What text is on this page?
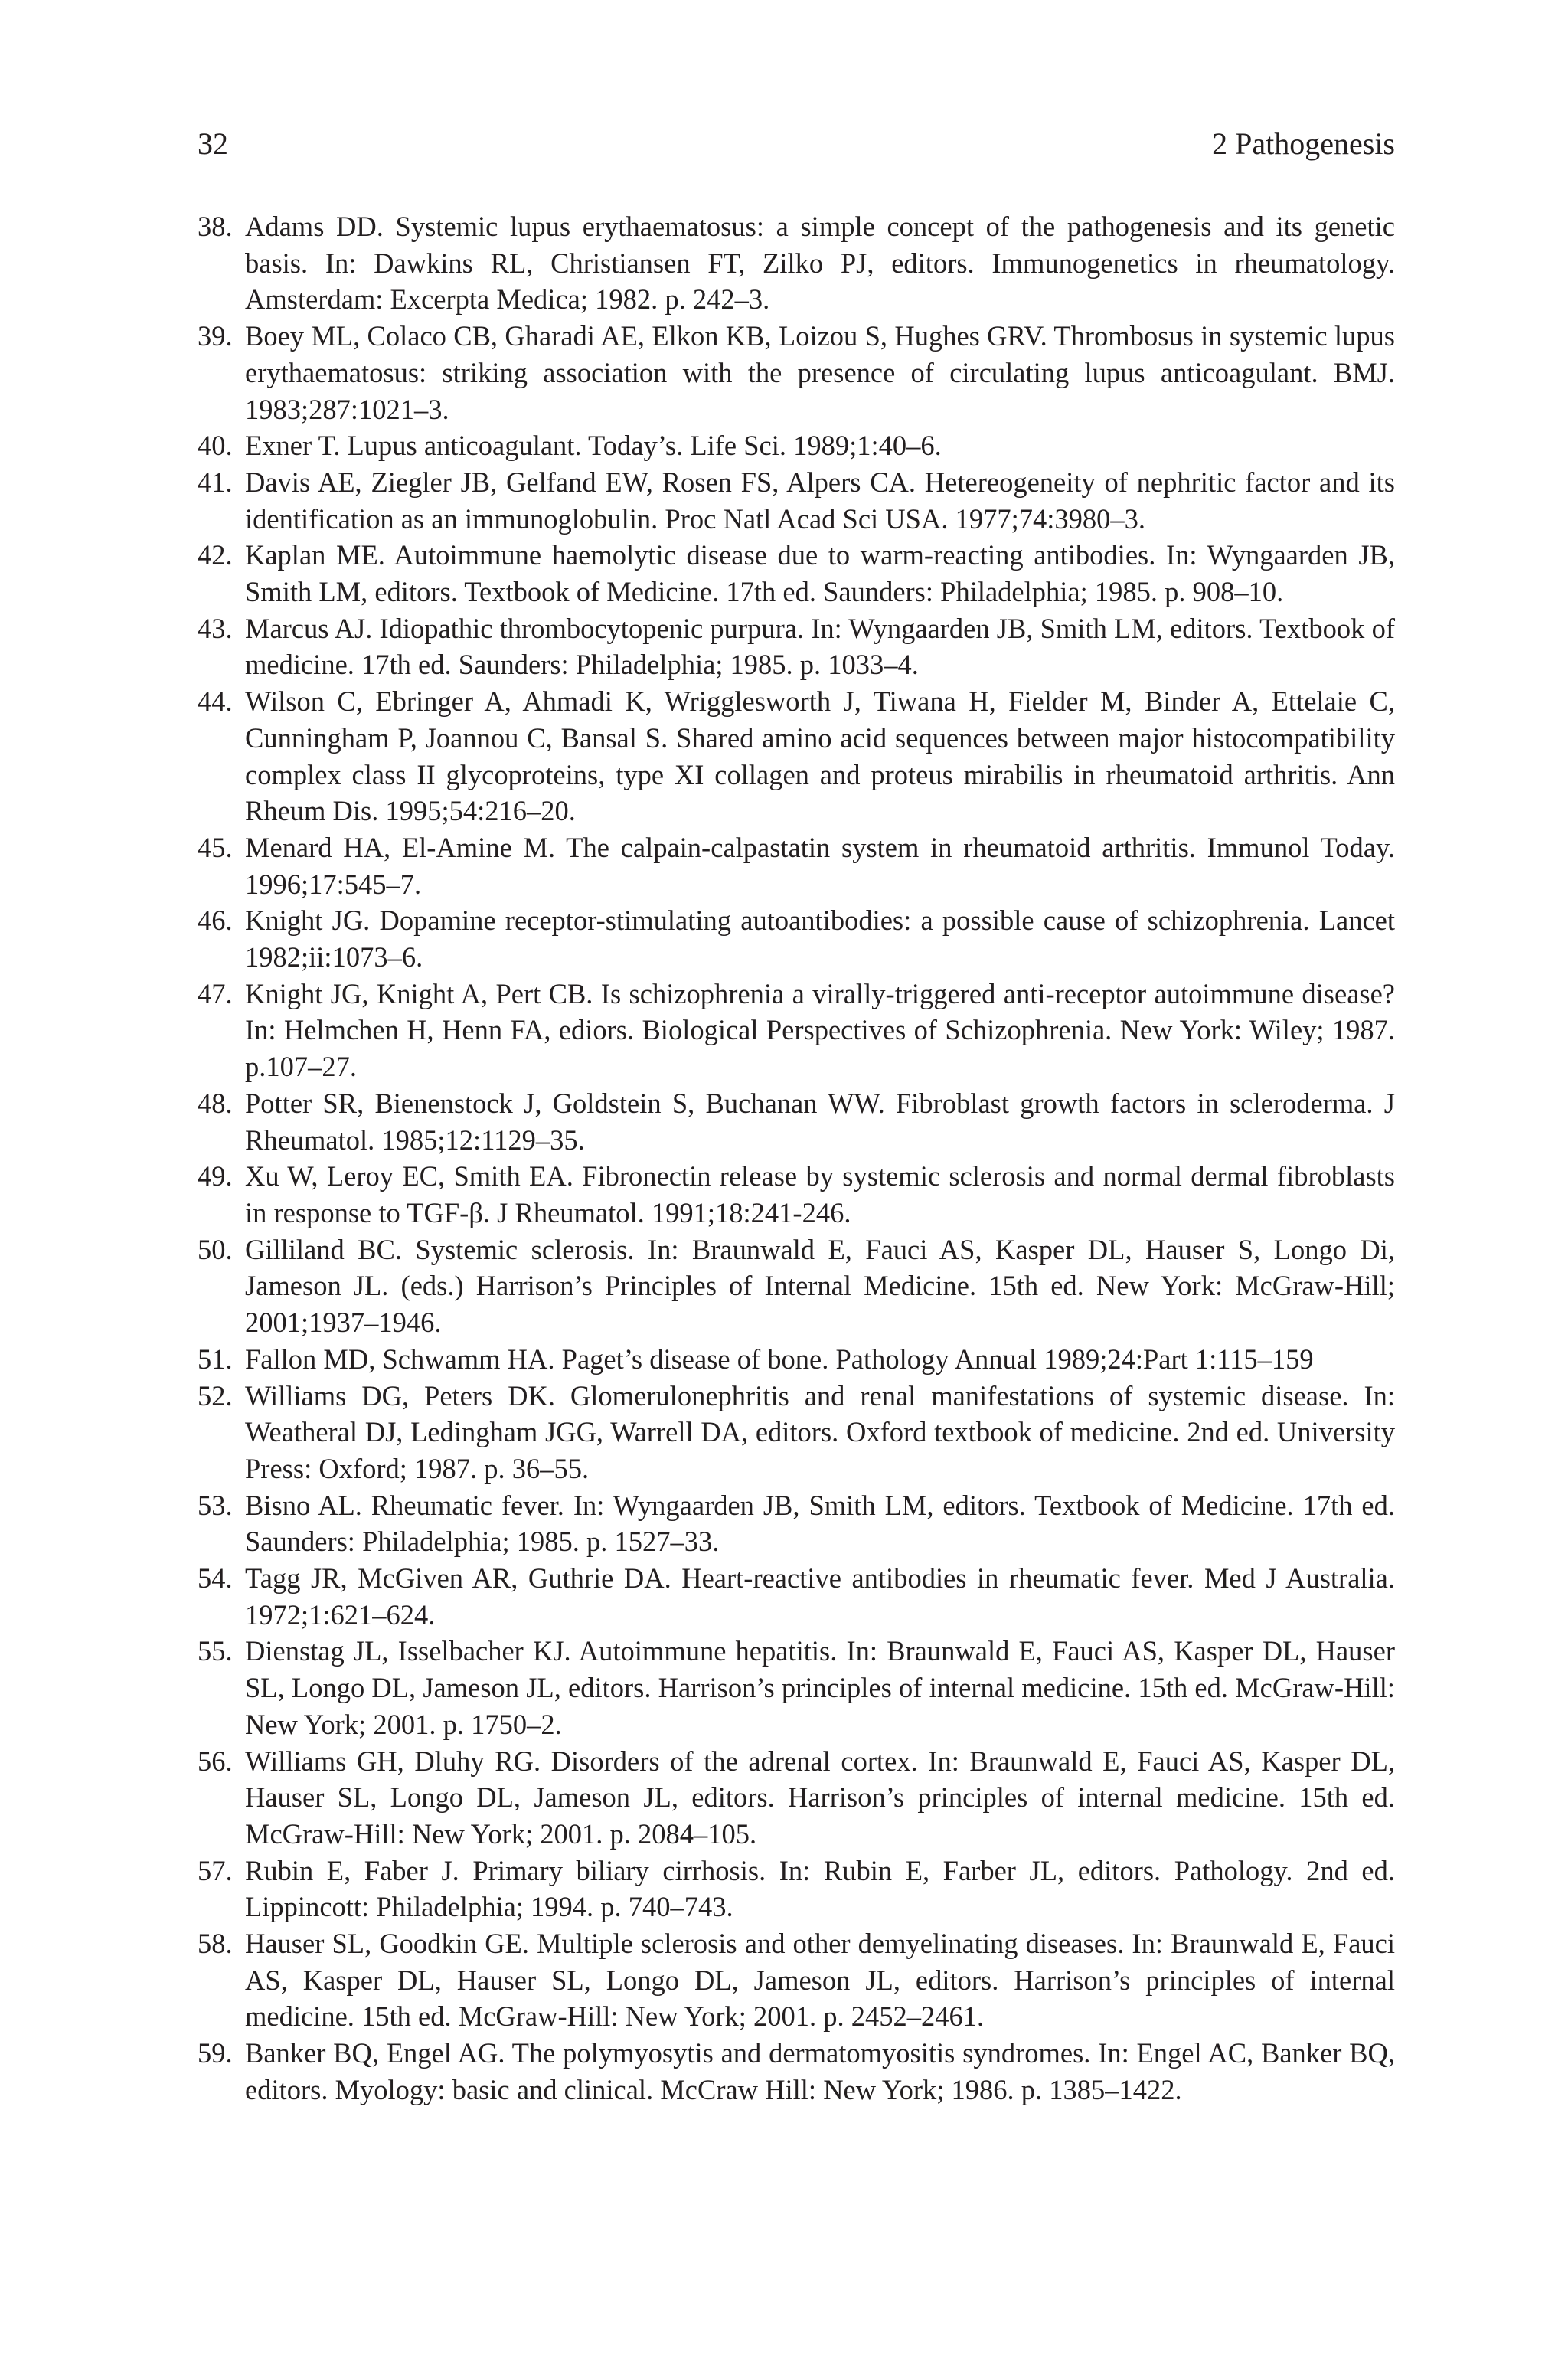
32	2 Pathogenesis
38. Adams DD. Systemic lupus erythaematosus: a simple concept of the pathogenesis and its genetic basis. In: Dawkins RL, Christiansen FT, Zilko PJ, editors. Immunogenetics in rheumatology. Amsterdam: Excerpta Medica; 1982. p. 242–3.
39. Boey ML, Colaco CB, Gharadi AE, Elkon KB, Loizou S, Hughes GRV. Thrombosus in systemic lupus erythaematosus: striking association with the presence of circulating lupus anticoagulant. BMJ. 1983;287:1021–3.
40. Exner T. Lupus anticoagulant. Today’s. Life Sci. 1989;1:40–6.
41. Davis AE, Ziegler JB, Gelfand EW, Rosen FS, Alpers CA. Hetereogeneity of nephritic factor and its identification as an immunoglobulin. Proc Natl Acad Sci USA. 1977;74:3980–3.
42. Kaplan ME. Autoimmune haemolytic disease due to warm-reacting antibodies. In: Wyngaarden JB, Smith LM, editors. Textbook of Medicine. 17th ed. Saunders: Philadelphia; 1985. p. 908–10.
43. Marcus AJ. Idiopathic thrombocytopenic purpura. In: Wyngaarden JB, Smith LM, editors. Textbook of medicine. 17th ed. Saunders: Philadelphia; 1985. p. 1033–4.
44. Wilson C, Ebringer A, Ahmadi K, Wrigglesworth J, Tiwana H, Fielder M, Binder A, Ettelaie C, Cunningham P, Joannou C, Bansal S. Shared amino acid sequences between major histocompatibility complex class II glycoproteins, type XI collagen and proteus mirabilis in rheumatoid arthritis. Ann Rheum Dis. 1995;54:216–20.
45. Menard HA, El-Amine M. The calpain-calpastatin system in rheumatoid arthritis. Immunol Today. 1996;17:545–7.
46. Knight JG. Dopamine receptor-stimulating autoantibodies: a possible cause of schizophrenia. Lancet 1982;ii:1073–6.
47. Knight JG, Knight A, Pert CB. Is schizophrenia a virally-triggered anti-receptor autoimmune disease? In: Helmchen H, Henn FA, ediors. Biological Perspectives of Schizophrenia. New York: Wiley; 1987. p.107–27.
48. Potter SR, Bienenstock J, Goldstein S, Buchanan WW. Fibroblast growth factors in scleroderma. J Rheumatol. 1985;12:1129–35.
49. Xu W, Leroy EC, Smith EA. Fibronectin release by systemic sclerosis and normal dermal fibroblasts in response to TGF-β. J Rheumatol. 1991;18:241-246.
50. Gilliland BC. Systemic sclerosis. In: Braunwald E, Fauci AS, Kasper DL, Hauser S, Longo Di, Jameson JL. (eds.) Harrison’s Principles of Internal Medicine. 15th ed. New York: McGraw-Hill; 2001;1937–1946.
51. Fallon MD, Schwamm HA. Paget’s disease of bone. Pathology Annual 1989;24:Part 1:115–159
52. Williams DG, Peters DK. Glomerulonephritis and renal manifestations of systemic disease. In: Weatheral DJ, Ledingham JGG, Warrell DA, editors. Oxford textbook of medicine. 2nd ed. University Press: Oxford; 1987. p. 36–55.
53. Bisno AL. Rheumatic fever. In: Wyngaarden JB, Smith LM, editors. Textbook of Medicine. 17th ed. Saunders: Philadelphia; 1985. p. 1527–33.
54. Tagg JR, McGiven AR, Guthrie DA. Heart-reactive antibodies in rheumatic fever. Med J Australia. 1972;1:621–624.
55. Dienstag JL, Isselbacher KJ. Autoimmune hepatitis. In: Braunwald E, Fauci AS, Kasper DL, Hauser SL, Longo DL, Jameson JL, editors. Harrison’s principles of internal medicine. 15th ed. McGraw-Hill: New York; 2001. p. 1750–2.
56. Williams GH, Dluhy RG. Disorders of the adrenal cortex. In: Braunwald E, Fauci AS, Kasper DL, Hauser SL, Longo DL, Jameson JL, editors. Harrison’s principles of internal medicine. 15th ed. McGraw-Hill: New York; 2001. p. 2084–105.
57. Rubin E, Faber J. Primary biliary cirrhosis. In: Rubin E, Farber JL, editors. Pathology. 2nd ed. Lippincott: Philadelphia; 1994. p. 740–743.
58. Hauser SL, Goodkin GE. Multiple sclerosis and other demyelinating diseases. In: Braunwald E, Fauci AS, Kasper DL, Hauser SL, Longo DL, Jameson JL, editors. Harrison’s principles of internal medicine. 15th ed. McGraw-Hill: New York; 2001. p. 2452–2461.
59. Banker BQ, Engel AG. The polymyosytis and dermatomyositis syndromes. In: Engel AC, Banker BQ, editors. Myology: basic and clinical. McCraw Hill: New York; 1986. p. 1385–1422.
